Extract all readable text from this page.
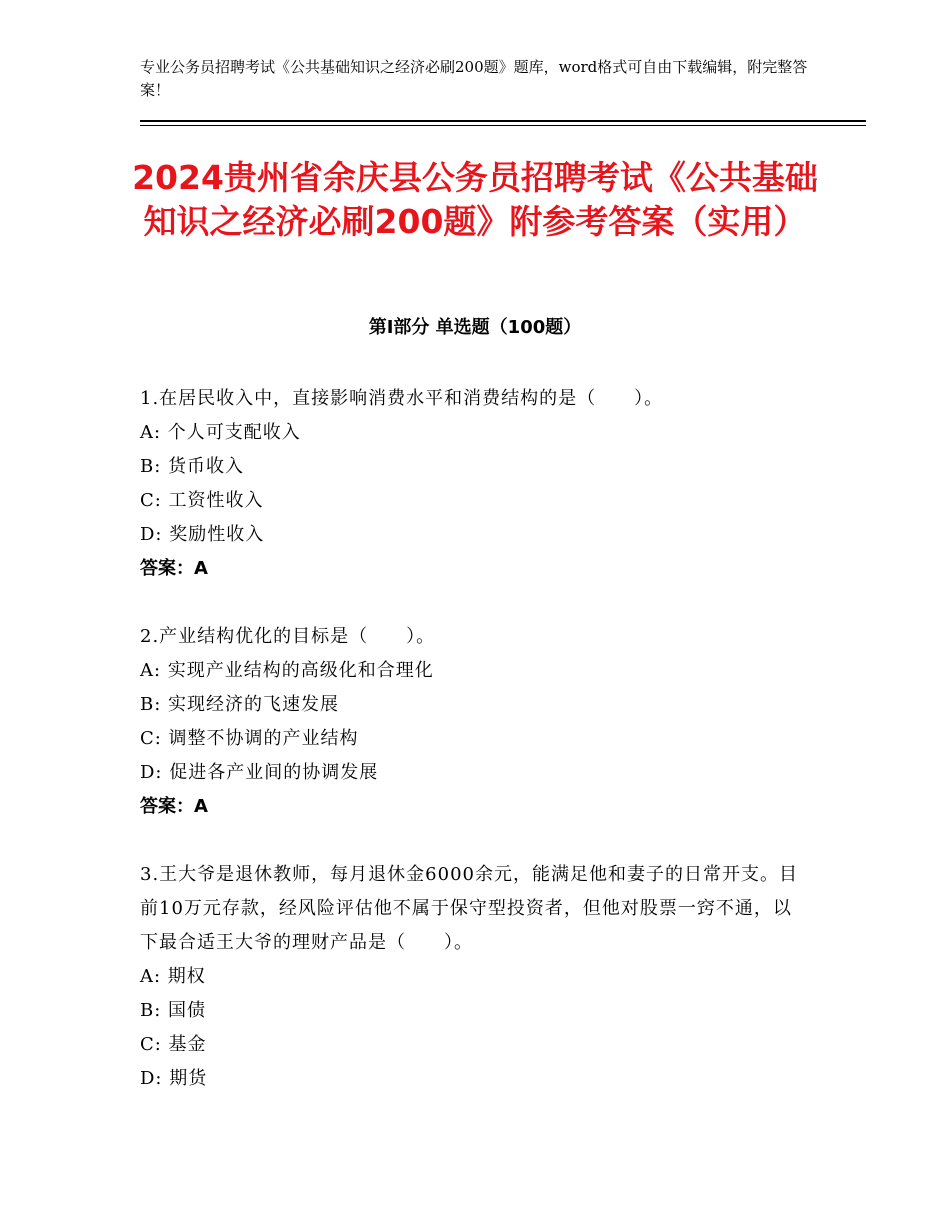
专业公务员招聘考试《公共基础知识之经济必刷200题》题库，word格式可自由下载编辑，附完整答案！
2024贵州省余庆县公务员招聘考试《公共基础知识之经济必刷200题》附参考答案（实用）
第I部分 单选题（100题）
1.在居民收入中，直接影响消费水平和消费结构的是（　　）。
A: 个人可支配收入
B: 货币收入
C: 工资性收入
D: 奖励性收入
答案：A
2.产业结构优化的目标是（　　）。
A: 实现产业结构的高级化和合理化
B: 实现经济的飞速发展
C: 调整不协调的产业结构
D: 促进各产业间的协调发展
答案：A
3.王大爷是退休教师，每月退休金6000余元，能满足他和妻子的日常开支。目前10万元存款，经风险评估他不属于保守型投资者，但他对股票一窍不通，以下最合适王大爷的理财产品是（　　）。
A: 期权
B: 国债
C: 基金
D: 期货
